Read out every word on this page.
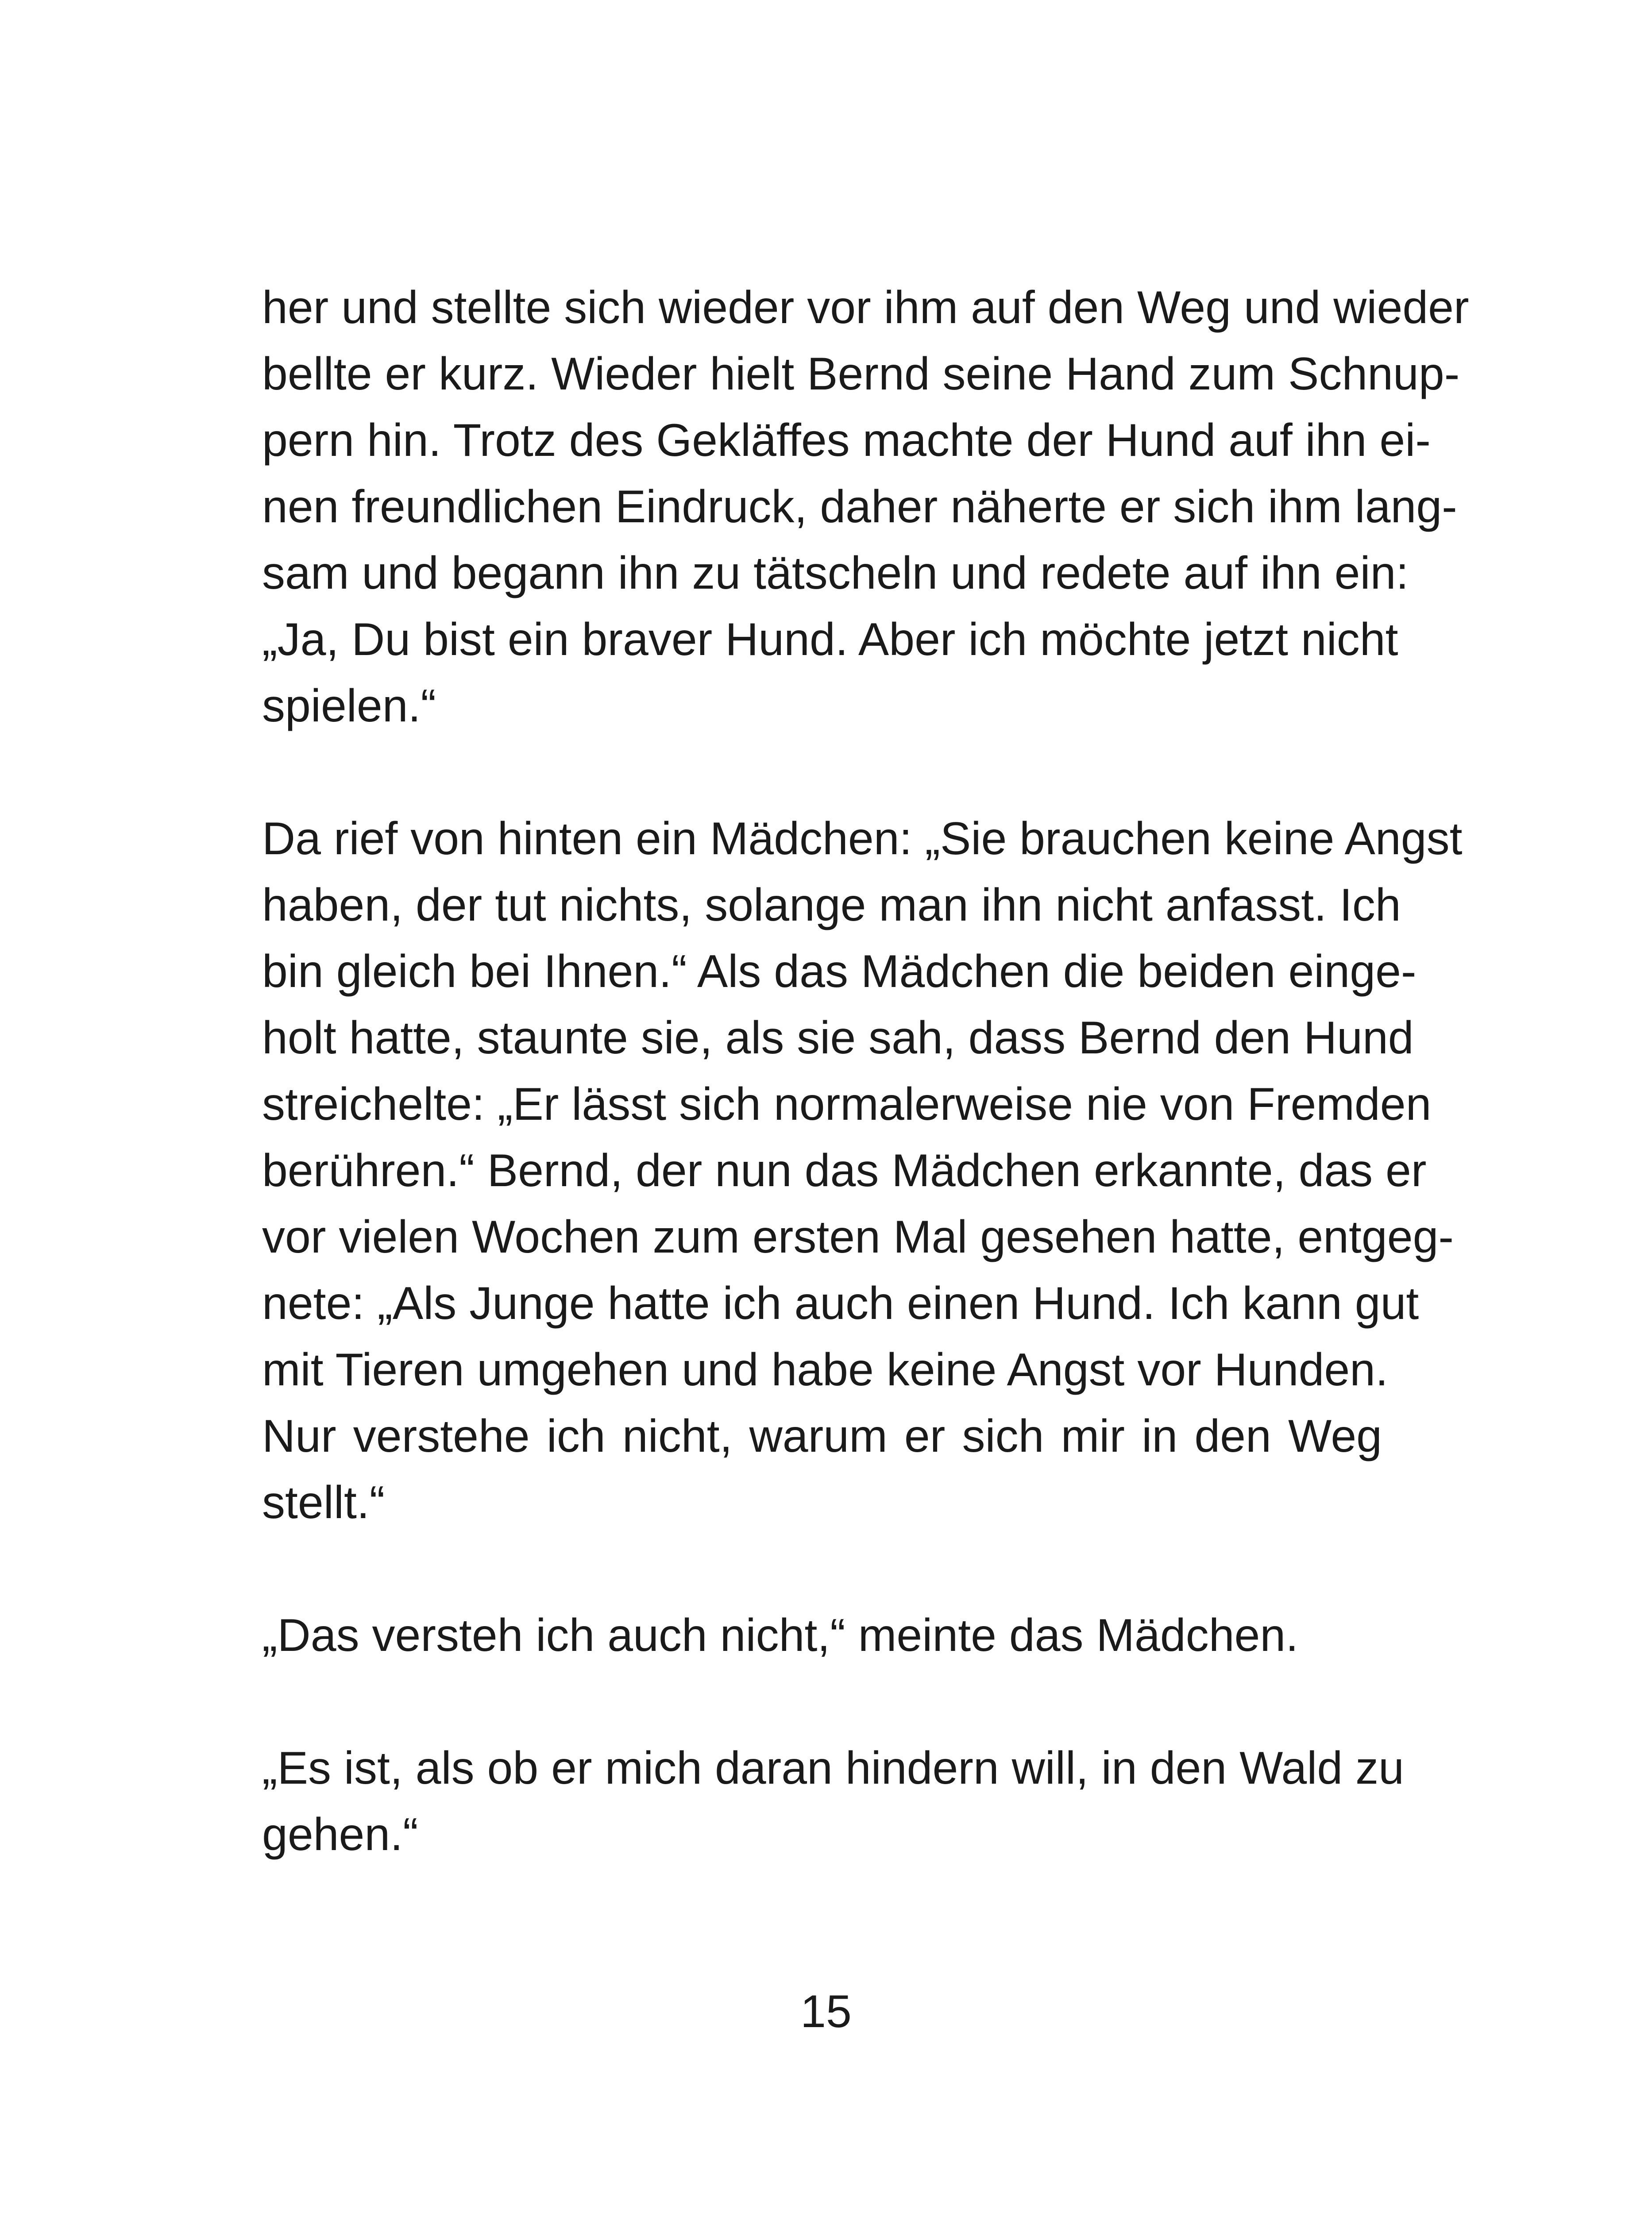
her und stellte sich wieder vor ihm auf den Weg und wieder
bellte er kurz. Wieder hielt Bernd seine Hand zum Schnup-
pern hin. Trotz des Gekläffes machte der Hund auf ihn ei-
nen freundlichen Eindruck, daher näherte er sich ihm lang-
sam und begann ihn zu tätscheln und redete auf ihn ein:
„Ja, Du bist ein braver Hund. Aber ich möchte jetzt nicht
spielen.“
Da rief von hinten ein Mädchen: „Sie brauchen keine Angst
haben, der tut nichts, solange man ihn nicht anfasst. Ich
bin gleich bei Ihnen.“ Als das Mädchen die beiden einge-
holt hatte, staunte sie, als sie sah, dass Bernd den Hund
streichelte: „Er lässt sich normalerweise nie von Fremden
berühren.“ Bernd, der nun das Mädchen erkannte, das er
vor vielen Wochen zum ersten Mal gesehen hatte, entgeg-
nete: „Als Junge hatte ich auch einen Hund. Ich kann gut
mit Tieren umgehen und habe keine Angst vor Hunden.
Nur verstehe ich nicht, warum er sich mir in den Weg
stellt.“
„Das versteh ich auch nicht,“ meinte das Mädchen.
„Es ist, als ob er mich daran hindern will, in den Wald zu
gehen.“
15
